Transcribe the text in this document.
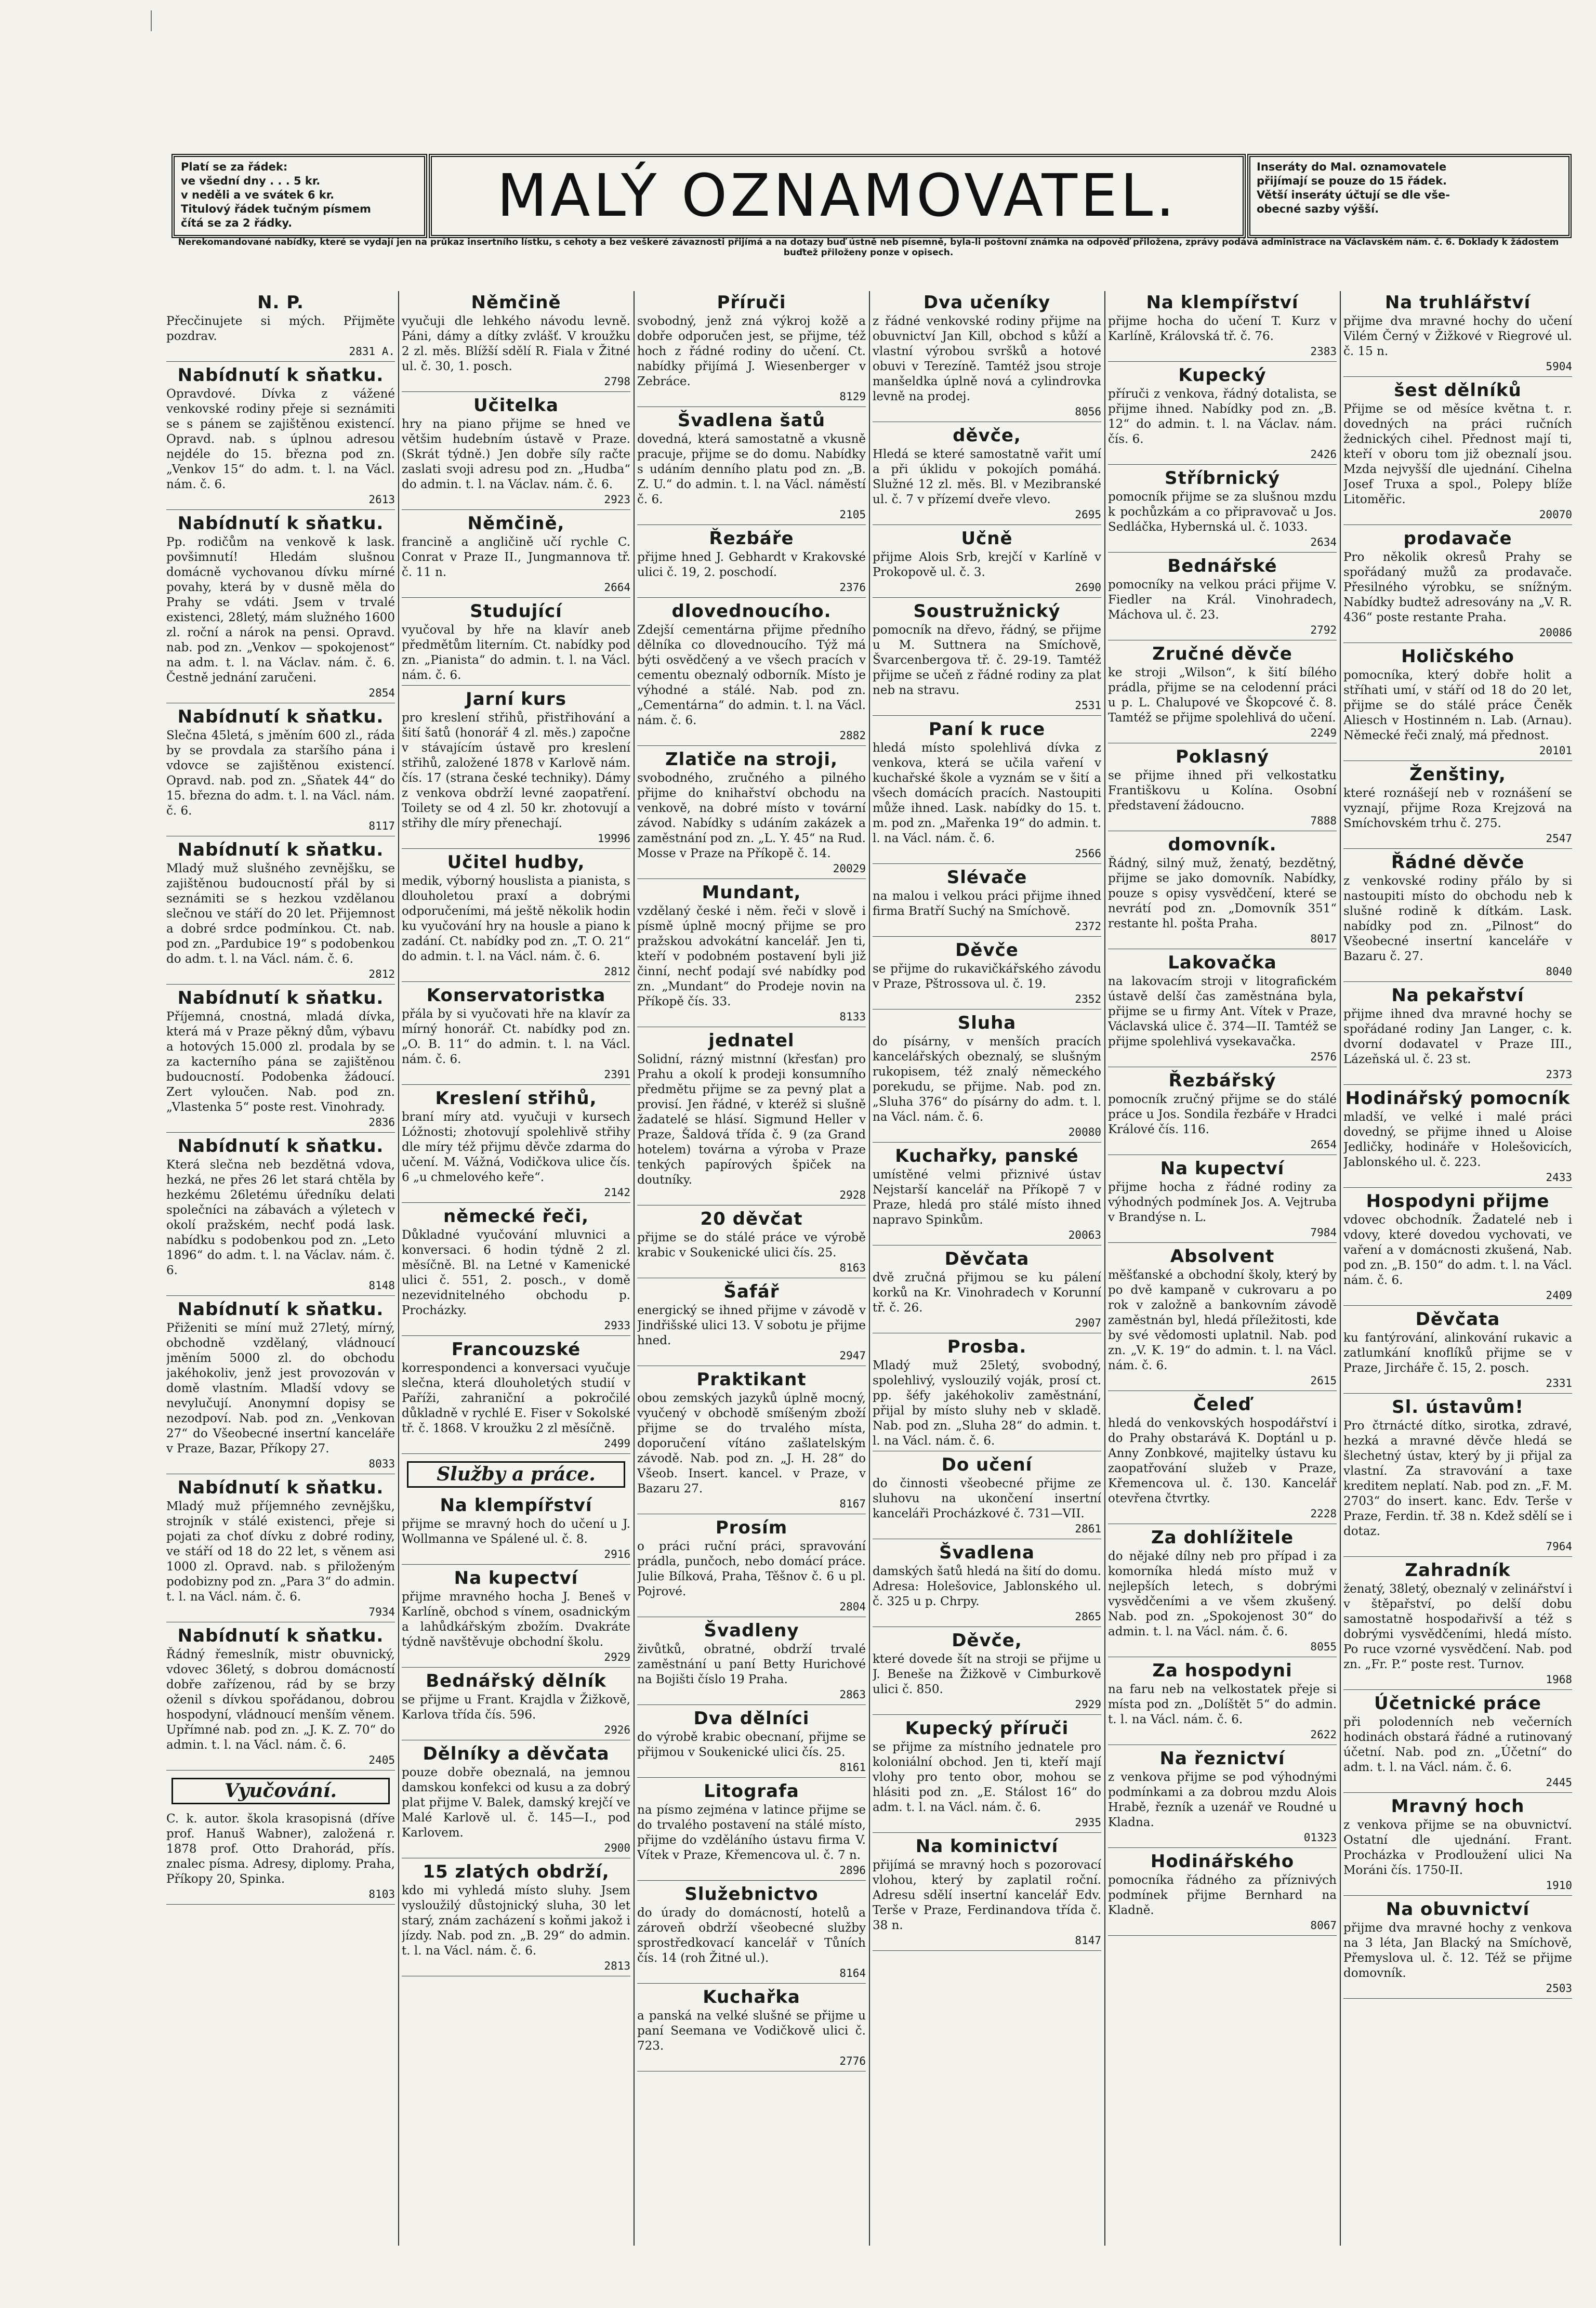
Platí se za řádek:
ve všední dny . . . 5 kr.
v neděli a ve svátek 6 kr.
Titulový řádek tučným písmem
čítá se za 2 řádky.	MALÝ OZNAMOVATEL.	Inseráty do Mal. oznamovatele
přijímají se pouze do 15 řádek.
Větší inseráty účtují se dle vše-
obecné sazby výšší.
Nerekomandované nabídky, které se vydají jen na průkaz insertního lístku, s cehoty a bez veškeré závaznosti přijímá a na dotazy buď ústně neb písemně, byla-li poštovní známka na odpověď přiložena, zprávy podává administrace na Václavském nám. č. 6. Doklady k žádostem buďtež přiloženy ponze v opisech.
N. P.

Přecčinujete si mých. Přijměte pozdrav.

2831 A.
Nabídnutí k sňatku.

Opravdové. Dívka z vážené venkovské rodiny přeje si seznámiti se s pánem se zajištěnou existencí. Opravd. nab. s úplnou adresou nejdéle do 15. března pod zn. „Venkov 15“ do adm. t. l. na Václ. nám. č. 6.

2613
Nabídnutí k sňatku.

Pp. rodičům na venkově k lask. povšimnutí! Hledám slušnou domácně vychovanou dívku mírné povahy, která by v dusně měla do Prahy se vdáti. Jsem v trvalé existenci, 28letý, mám služného 1600 zl. roční a nárok na pensi. Opravd. nab. pod zn. „Venkov — spokojenost“ na adm. t. l. na Václav. nám. č. 6. Čestně jednání zaručeni.

2854
Nabídnutí k sňatku.

Slečna 45letá, s jměním 600 zl., ráda by se provdala za staršího pána i vdovce se zajištěnou existencí. Opravd. nab. pod zn. „Sňatek 44“ do 15. března do adm. t. l. na Václ. nám. č. 6.

8117
Nabídnutí k sňatku.

Mladý muž slušného zevnějšku, se zajištěnou budoucností přál by si seznámiti se s hezkou vzdělanou slečnou ve stáří do 20 let. Přijemnost a dobré srdce podmínkou. Ct. nab. pod zn. „Pardubice 19“ s podobenkou do adm. t. l. na Václ. nám. č. 6.

2812
Nabídnutí k sňatku.

Příjemná, cnostná, mladá dívka, která má v Praze pěkný dům, výbavu a hotových 15.000 zl. prodala by se za kacterního pána se zajištěnou budoucností. Podobenka žádoucí. Zert vyloučen. Nab. pod zn. „Vlastenka 5“ poste rest. Vinohrady.

2836
Nabídnutí k sňatku.

Která slečna neb bezdětná vdova, hezká, ne přes 26 let stará chtěla by hezkému 26letému úředníku delati společníci na zábavách a výletech v okolí pražském, nechť podá lask. nabídku s podobenkou pod zn. „Leto 1896“ do adm. t. l. na Václav. nám. č. 6.

8148
Nabídnutí k sňatku.

Přiženiti se míní muž 27letý, mírný, obchodně vzdělaný, vládnoucí jměním 5000 zl. do obchodu jakéhokoliv, jenž jest provozován v domě vlastním. Mladší vdovy se nevylučují. Anonymní dopisy se nezodpoví. Nab. pod zn. „Venkovan 27“ do Všeobecné insertní kanceláře v Praze, Bazar, Příkopy 27.

8033
Nabídnutí k sňatku.

Mladý muž příjemného zevnějšku, strojník v stálé existenci, přeje si pojati za choť dívku z dobré rodiny, ve stáří od 18 do 22 let, s věnem asi 1000 zl. Opravd. nab. s přiloženým podobizny pod zn. „Para 3“ do admin. t. l. na Václ. nám. č. 6.

7934
Nabídnutí k sňatku.

Řádný řemeslník, mistr obuvnický, vdovec 36letý, s dobrou domácností dobře zařízenou, rád by se brzy oženil s dívkou spořádanou, dobrou hospodyní, vládnoucí menším věnem. Upřímné nab. pod zn. „J. K. Z. 70“ do admin. t. l. na Václ. nám. č. 6.

2405
Vyučování.

C. k. autor. škola krasopisná (dříve prof. Hanuš Wabner), založená r. 1878 prof. Otto Drahorád, přís. znalec písma. Adresy, diplomy. Praha, Příkopy 20, Spinka.

8103
Němčině

vyučuji dle lehkého návodu levně. Páni, dámy a dítky zvlášť. V kroužku 2 zl. měs. Blížší sdělí R. Fiala v Žitné ul. č. 30, 1. posch.

2798
Učitelka

hry na piano přijme se hned ve většim hudebním ústavě v Praze. (Skrát týdně.) Jen dobře síly račte zaslati svoji adresu pod zn. „Hudba“ do admin. t. l. na Václav. nám. č. 6.

2923
Němčině,

francině a angličině učí rychle C. Conrat v Praze II., Jungmannova tř. č. 11 n.

2664
Studující

vyučoval by hře na klavír aneb předmětům literním. Ct. nabídky pod zn. „Pianista“ do admin. t. l. na Václ. nám. č. 6.

Jarní kurs

pro kreslení střihů, přistřihování a šití šatů (honorář 4 zl. měs.) započne v stávajícím ústavě pro kreslení střihů, založené 1878 v Karlově nám. čís. 17 (strana české techniky). Dámy z venkova obdrží levné zaopatření. Toilety se od 4 zl. 50 kr. zhotovují a střihy dle míry přenechají.

19996
Učitel hudby,

medik, výborný houslista a pianista, s dlouholetou praxí a dobrými odporučeními, má ještě několik hodin ku vyučování hry na housle a piano k zadání. Ct. nabídky pod zn. „T. O. 21“ do admin. t. l. na Václ. nám. č. 6.

2812
Konservatoristka

přála by si vyučovati hře na klavír za mírný honorář. Ct. nabídky pod zn. „O. B. 11“ do admin. t. l. na Václ. nám. č. 6.

2391
Kreslení střihů,

braní míry atd. vyučuji v kursech Lóžnosti; zhotovují spolehlivě střihy dle míry též přijmu děvče zdarma do učení. M. Vážná, Vodičkova ulice čís. 6 „u chmelového keře“.

2142
německé řeči,

Důkladné vyučování mluvnici a konversaci. 6 hodin týdně 2 zl. měsíčně. Bl. na Letné v Kamenické ulici č. 551, 2. posch., v domě nezevidnitelného obchodu p. Procházky.

2933
Francouzské

korrespondenci a konversaci vyučuje slečna, která dlouholetých studií v Paříži, zahraniční a pokročilé důkladně v rychlé E. Fiser v Sokolské tř. č. 1868. V kroužku 2 zl měsíčně.

2499
Služby a práce.
Na klempířství

přijme se mravný hoch do učení u J. Wollmanna ve Spálené ul. č. 8.

2916
Na kupectví

přijme mravného hocha J. Beneš v Karlíně, obchod s vínem, osadnickým a lahůdkářským zbožím. Dvakráte týdně navštěvuje obchodní školu.

2929
Bednářský dělník

se přijme u Frant. Krajdla v Žižkově, Karlova třída čís. 596.

2926
Dělníky a děvčata

pouze dobře obeznalá, na jemnou damskou konfekci od kusu a za dobrý plat přijme V. Balek, damský krejčí ve Malé Karlově ul. č. 145—I., pod Karlovem.

2900
15 zlatých obdrží,

kdo mi vyhledá místo sluhy. Jsem vysloužilý důstojnický sluha, 30 let starý, znám zacházení s koňmi jakož i jízdy. Nab. pod zn. „B. 29“ do admin. t. l. na Václ. nám. č. 6.

2813
Příruči

svobodný, jenž zná výkroj kožě a dobře odporučen jest, se přijme, též hoch z řádné rodiny do učení. Ct. nabídky přijímá J. Wiesenberger v Zebráce.

8129
Švadlena šatů

dovedná, která samostatně a vkusně pracuje, přijme se do domu. Nabídky s udáním denního platu pod zn. „B. Z. U.“ do admin. t. l. na Václ. náměstí č. 6.

2105
Řezbáře

přijme hned J. Gebhardt v Krakovské ulici č. 19, 2. poschodí.

2376
dlovednoucího.

Zdejší cementárna přijme předního dělníka co dlovednoucího. Týž má býti osvědčený a ve všech pracích v cementu obeznalý odborník. Místo je výhodné a stálé. Nab. pod zn. „Cementárna“ do admin. t. l. na Václ. nám. č. 6.

2882
Zlatiče na stroji,

svobodného, zručného a pilného přijme do knihařství obchodu na venkově, na dobré místo v tovární závod. Nabídky s udáním zakázek a zaměstnání pod zn. „L. Y. 45“ na Rud. Mosse v Praze na Příkopě č. 14.

20029
Mundant,

vzdělaný české i něm. řeči v slově i písmě úplně mocný přijme se pro pražskou advokátní kancelář. Jen ti, kteří v podobném postavení byli již činní, nechť podají své nabídky pod zn. „Mundant“ do Prodeje novin na Příkopě čís. 33.

8133
jednatel

Solidní, rázný mistnní (křesťan) pro Prahu a okolí k prodeji konsumního předmětu přijme se za pevný plat a provisí. Jen řádné, v kteréž si slušně žadatelé se hlásí. Sigmund Heller v Praze, Šaldová třída č. 9 (za Grand hotelem) továrna a výroba v Praze tenkých papírových špiček na doutníky.

2928
20 děvčat

přijme se do stálé práce ve výrobě krabic v Soukenické ulici čís. 25.

8163
Šafář

energický se ihned přijme v závodě v Jindřišské ulici 13. V sobotu je přijme hned.

2947
Praktikant

obou zemských jazyků úplně mocný, vyučený v obchodě smíšeným zboží přijme se do trvalého místa, doporučení vítáno zašlatelským závodě. Nab. pod zn. „J. H. 28“ do Všeob. Insert. kancel. v Praze, v Bazaru 27.

8167
Prosím

o práci ruční práci, spravování prádla, punčoch, nebo domácí práce. Julie Bílková, Praha, Těšnov č. 6 u pl. Pojrové.

2804
Švadleny

živůtků, obratné, obdrží trvalé zaměstnání u paní Betty Hurichové na Bojišti číslo 19 Praha.

2863
Dva dělníci

do výrobě krabic obecnaní, přijme se přijmou v Soukenické ulici čís. 25.

8161
Litografa

na písmo zejména v latince přijme se do trvalého postavení na stálé místo, přijme do vzděláního ústavu firma V. Vítek v Praze, Křemencova ul. č. 7 n.

2896
Služebnictvo

do úrady do domácností, hotelů a zároveň obdrží všeobecné služby sprostředkovací kancelář v Tůních čís. 14 (roh Žitné ul.).

8164
Kuchařka

a panská na velké slušné se přijme u paní Seemana ve Vodičkově ulici č. 723.

2776
Dva učeníky

z řádné venkovské rodiny přijme na obuvnictví Jan Kill, obchod s kůží a vlastní výrobou svršků a hotové obuvi v Terezíně. Tamtéž jsou stroje manšeldka úplně nová a cylindrovka levně na prodej.

8056
děvče,

Hledá se které samostatně vařit umí a při úklidu v pokojích pomáhá. Služné 12 zl. měs. Bl. v Mezibranské ul. č. 7 v přízemí dveře vlevo.

2695
Učně

přijme Alois Srb, krejčí v Karlíně v Prokopově ul. č. 3.

2690
Soustružnický

pomocník na dřevo, řádný, se přijme u M. Suttnera na Smíchově, Švarcenbergova tř. č. 29-19. Tamtéž přijme se učeň z řádné rodiny za plat neb na stravu.

2531
Paní k ruce

hledá místo spolehlivá dívka z venkova, která se učila vaření v kuchařské škole a vyznám se v šití a všech domácích pracích. Nastoupiti může ihned. Lask. nabídky do 15. t. m. pod zn. „Mařenka 19“ do admin. t. l. na Václ. nám. č. 6.

2566
Slévače

na malou i velkou práci přijme ihned firma Bratří Suchý na Smíchově.

2372
Děvče

se přijme do rukavičkářského závodu v Praze, Pštrossova ul. č. 19.

2352
Sluha

do písárny, v menších pracích kancelářských obeznalý, se slušným rukopisem, též znalý německého porekudu, se přijme. Nab. pod zn. „Sluha 376“ do písárny do adm. t. l. na Václ. nám. č. 6.

20080
Kuchařky, panské

umístěné velmi přiznivé ústav Nejstarší kancelář na Příkopě 7 v Praze, hledá pro stálé místo ihned napravo Spinkům.

20063
Děvčata

dvě zručná přijmou se ku pálení korků na Kr. Vinohradech v Korunní tř. č. 26.

2907
Prosba.

Mladý muž 25letý, svobodný, spolehlivý, vyslouzilý voják, prosí ct. pp. šéfy jakéhokoliv zaměstnání, přijal by místo sluhy neb v skladě. Nab. pod zn. „Sluha 28“ do admin. t. l. na Václ. nám. č. 6.

Do učení

do činnosti všeobecné přijme ze sluhovu na ukončení insertní kanceláři Procházkové č. 731—VII.

2861
Švadlena

damských šatů hledá na šití do domu. Adresa: Holešovice, Jablonského ul. č. 325 u p. Chrpy.

2865
Děvče,

které dovede šít na stroji se přijme u J. Beneše na Žižkově v Cimburkově ulici č. 850.

2929
Kupecký příruči

se přijme za místního jednatele pro koloniální obchod. Jen ti, kteří mají vlohy pro tento obor, mohou se hlásiti pod zn. „E. Stálost 16“ do adm. t. l. na Václ. nám. č. 6.

2935
Na kominictví

přijímá se mravný hoch s pozorovací vlohou, který by zaplatil roční. Adresu sdělí insertní kancelář Edv. Terše v Praze, Ferdinandova třída č. 38 n.

8147
Na klempířství

přijme hocha do učení T. Kurz v Karlíně, Královská tř. č. 76.

2383
Kupecký

příruči z venkova, řádný dotalista, se přijme ihned. Nabídky pod zn. „B. 12“ do admin. t. l. na Václav. nám. čís. 6.

2426
Stříbrnický

pomocník přijme se za slušnou mzdu k pochůzkám a co připravovač u Jos. Sedláčka, Hybernská ul. č. 1033.

2634
Bednářské

pomocníky na velkou práci přijme V. Fiedler na Král. Vinohradech, Máchova ul. č. 23.

2792
Zručné děvče

ke stroji „Wilson“, k šití bílého prádla, přijme se na celodenní práci u p. L. Chalupové ve Škopcové č. 8. Tamtéž se přijme spolehlivá do učení.

2249
Poklasný

se přijme ihned při velkostatku Františkovu u Kolína. Osobní představení žádoucno.

7888
domovník.

Řádný, silný muž, ženatý, bezdětný, přijme se jako domovník. Nabídky, pouze s opisy vysvědčení, které se nevrátí pod zn. „Domovník 351“ restante hl. pošta Praha.

8017
Lakovačka

na lakovacím stroji v litografickém ústavě delší čas zaměstnána byla, přijme se u firmy Ant. Vítek v Praze, Václavská ulice č. 374—II. Tamtéž se přijme spolehlivá vysekavačka.

2576
Řezbářský

pomocník zručný přijme se do stálé práce u Jos. Sondila řezbáře v Hradci Králové čís. 116.

2654
Na kupectví

přijme hocha z řádné rodiny za výhodných podmínek Jos. A. Vejtruba v Brandýse n. L.

7984
Absolvent

měšťanské a obchodní školy, který by po dvě kampaně v cukrovaru a po rok v založně a bankovním závodě zaměstnán byl, hledá příležitosti, kde by své vědomosti uplatnil. Nab. pod zn. „V. K. 19“ do admin. t. l. na Václ. nám. č. 6.

2615
Čeleď

hledá do venkovských hospodářství i do Prahy obstarává K. Doptánl u p. Anny Zonbkové, majitelky ústavu ku zaopatřování služeb v Praze, Křemencova ul. č. 130. Kancelář otevřena čtvrtky.

2228
Za dohlížitele

do nějaké dílny neb pro případ i za komorníka hledá místo muž v nejlepších letech, s dobrými vysvědčeními a ve všem zkušený. Nab. pod zn. „Spokojenost 30“ do admin. t. l. na Václ. nám. č. 6.

8055
Za hospodyni

na faru neb na velkostatek přeje si místa pod zn. „Dolíštět 5“ do admin. t. l. na Václ. nám. č. 6.

2622
Na řeznictví

z venkova přijme se pod výhodnými podmínkami a za dobrou mzdu Alois Hrabě, řezník a uzenář ve Roudné u Kladna.

01323
Hodinářského

pomocníka řádného za příznivých podmínek přijme Bernhard na Kladně.

8067
Na truhlářství

přijme dva mravné hochy do učení Vilém Černý v Žižkové v Riegrové ul. č. 15 n.

5904
šest dělníků

Přijme se od měsíce května t. r. dovedných na práci ručních žednických cihel. Přednost mají ti, kteří v oboru tom již obeznalí jsou. Mzda nejvyšší dle ujednání. Cihelna Josef Truxa a spol., Polepy blíže Litoměřic.

20070
prodavače

Pro několik okresů Prahy se spořádaný mužů za prodavače. Přesilného výrobku, se snížným. Nabídky budtež adresovány na „V. R. 436“ poste restante Praha.

20086
Holičského

pomocníka, který dobře holit a stříhati umí, v stáří od 18 do 20 let, přijme se do stálé práce Čeněk Aliesch v Hostinném n. Lab. (Arnau). Německé řeči znalý, má přednost.

20101
Ženštiny,

které roznášejí neb v roznášení se vyznají, přijme Roza Krejzová na Smíchovském trhu č. 275.

2547
Řádné děvče

z venkovské rodiny přálo by si nastoupiti místo do obchodu neb k slušné rodině k dítkám. Lask. nabídky pod zn. „Pilnost“ do Všeobecné insertní kanceláře v Bazaru č. 27.

8040
Na pekařství

přijme ihned dva mravné hochy se spořádané rodiny Jan Langer, c. k. dvorní dodavatel v Praze III., Lázeňská ul. č. 23 st.

2373
Hodinářský pomocník

mladší, ve velké i malé práci dovedný, se přijme ihned u Aloise Jedličky, hodináře v Holešovicích, Jablonského ul. č. 223.

2433
Hospodyni přijme

vdovec obchodník. Žadatelé neb i vdovy, které dovedou vychovati, ve vaření a v domácnosti zkušená, Nab. pod zn. „B. 150“ do adm. t. l. na Václ. nám. č. 6.

2409
Děvčata

ku fantýrování, alinkování rukavic a zatlumkání knoflíků přijme se v Praze, Jircháře č. 15, 2. posch.

2331
Sl. ústavům!

Pro čtrnácté dítko, sirotka, zdravé, hezká a mravné děvče hledá se šlechetný ústav, který by ji přijal za vlastní. Za stravování a taxe kreditem neplatí. Nab. pod zn. „F. M. 2703“ do insert. kanc. Edv. Terše v Praze, Ferdin. tř. 38 n. Kdež sdělí se i dotaz.

7964
Zahradník

ženatý, 38letý, obeznalý v zelinářství i v štěpařství, po delší dobu samostatně hospodařivší a též s dobrými vysvědčeními, hledá místo. Po ruce vzorné vysvědčení. Nab. pod zn. „Fr. P.“ poste rest. Turnov.

1968
Účetnické práce

při polodenních neb večerních hodinách obstará řádné a rutinovaný účetní. Nab. pod zn. „Účetní“ do adm. t. l. na Václ. nám. č. 6.

2445
Mravný hoch

z venkova přijme se na obuvnictví. Ostatní dle ujednání. Frant. Procházka v Prodloužení ulici Na Moráni čís. 1750-II.

1910
Na obuvnictví

přijme dva mravné hochy z venkova na 3 léta, Jan Blacký na Smíchově, Přemyslova ul. č. 12. Též se přijme domovník.

2503
